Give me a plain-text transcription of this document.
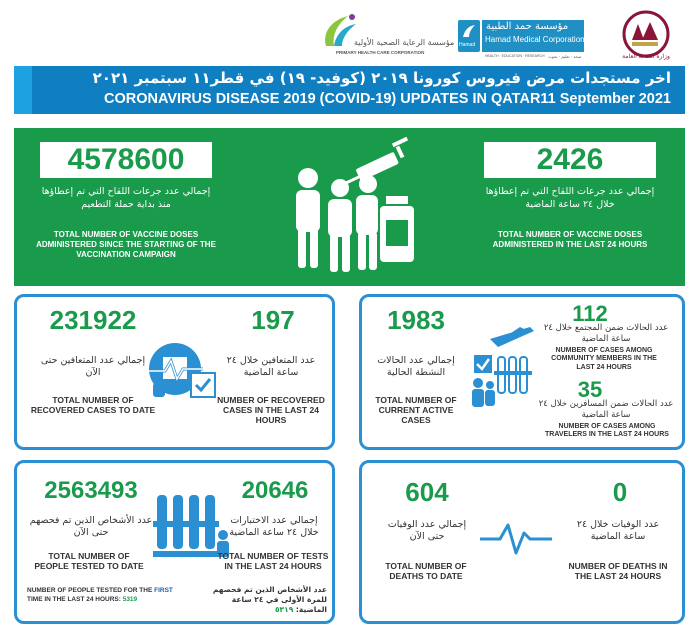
مؤسسة الرعاية الصحية الأولية
PRIMARY HEALTH CARE CORPORATION
Hamad
مؤسسة حمد الطبية
Hamad Medical Corporation
HEALTH · EDUCATION · RESEARCH صحة · تعليم · بحوث	وزارة الصحة العامة
اخر مستجدات مرض فيروس كورونا ٢٠١٩ (كوفيد- ١٩) في قطر١١ سبتمبر ٢٠٢١
CORONAVIRUS DISEASE 2019 (COVID-19) UPDATES IN QATAR11 September 2021
4578600
إجمالي عدد جرعات اللقاح التي تم إعطاؤها منذ بداية حملة التطعيم
TOTAL NUMBER OF VACCINE DOSES ADMINISTERED SINCE THE STARTING OF THE VACCINATION CAMPAIGN
2426
إجمالي عدد جرعات اللقاح التي تم إعطاؤها خلال ٢٤ ساعة الماضية
TOTAL NUMBER OF VACCINE DOSES ADMINISTERED IN THE LAST 24 HOURS
231922
إجمالي عدد المتعافين حتى الآن
TOTAL NUMBER OF RECOVERED CASES TO DATE
197
عدد المتعافين خلال ٢٤ ساعة الماضية
NUMBER OF RECOVERED CASES IN THE LAST 24 HOURS
1983
إجمالي عدد الحالات النشطة الحالية
TOTAL NUMBER OF CURRENT ACTIVE CASES
112
عدد الحالات ضمن المجتمع خلال ٢٤ ساعة الماضية
NUMBER OF CASES AMONG COMMUNITY MEMBERS IN THE LAST 24 HOURS
35
عدد الحالات ضمن المسافرين خلال ٢٤ ساعة الماضية
NUMBER OF CASES AMONG TRAVELERS IN THE LAST 24 HOURS
2563493
عدد الأشخاص الذين تم فحصهم حتى الآن
TOTAL NUMBER OF PEOPLE TESTED TO DATE
20646
إجمالي عدد الاختبارات خلال ٢٤ ساعة الماضية
TOTAL NUMBER OF TESTS IN THE LAST 24 HOURS
NUMBER OF PEOPLE TESTED FOR THE FIRST
TIME IN THE LAST 24 HOURS: 5319
عدد الأشخاص الذين تم فحصهم للمرة الأولى في ٢٤ ساعة الماضية: ٥٣١٩
604
إجمالي عدد الوفيات حتى الآن
TOTAL NUMBER OF DEATHS TO DATE
0
عدد الوفيات خلال ٢٤ ساعة الماضية
NUMBER OF DEATHS IN THE LAST 24 HOURS
